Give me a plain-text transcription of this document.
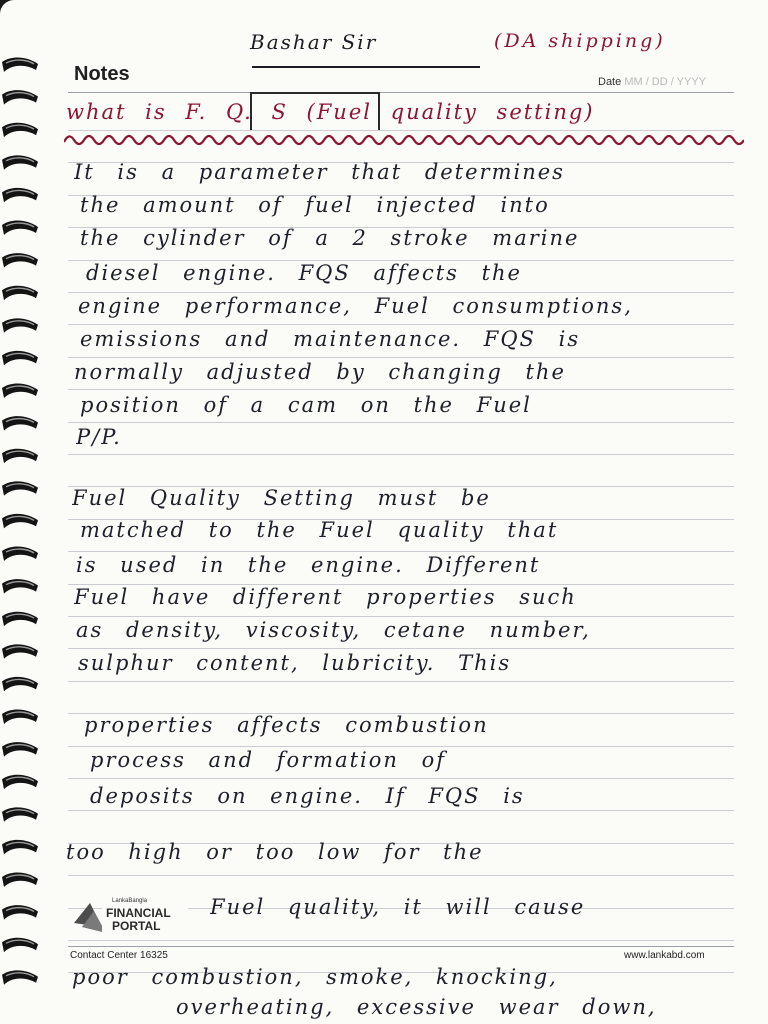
Notes	Date MM / DD / YYYY
Bashar Sir	(DA shipping)
what is F. Q. S (Fuel quality setting)
It is a parameter that determines
the amount of fuel injected into
the cylinder of a 2 stroke marine
diesel engine. FQS affects the
engine performance, Fuel consumptions,
emissions and maintenance. FQS is
normally adjusted by changing the
position of a cam on the Fuel
P/P.
Fuel Quality Setting must be
matched to the Fuel quality that
is used in the engine. Different
Fuel have different properties such
as density, viscosity, cetane number,
sulphur content, lubricity. This
properties affects combustion
process and formation of
deposits on engine. If FQS is
too high or too low for the
Fuel quality, it will cause
poor combustion, smoke, knocking,
overheating, excessive wear down,
LankaBangla
FINANCIAL
PORTAL
Contact Center 16325	www.lankabd.com
